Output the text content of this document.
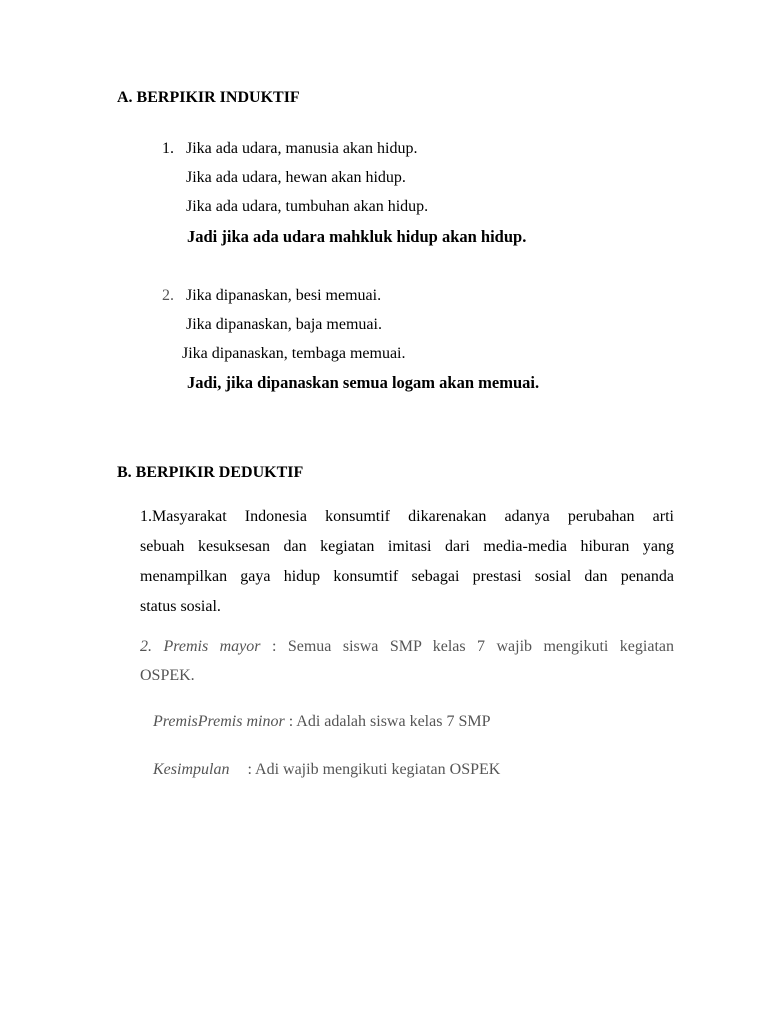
A. BERPIKIR INDUKTIF
1. Jika ada udara, manusia akan hidup.
Jika ada udara, hewan akan hidup.
Jika ada udara, tumbuhan akan hidup.
Jadi jika ada udara mahkluk hidup akan hidup.
2. Jika dipanaskan, besi memuai.
Jika dipanaskan, baja memuai.
Jika dipanaskan, tembaga memuai.
Jadi, jika dipanaskan semua logam akan memuai.
B. BERPIKIR DEDUKTIF
1.Masyarakat Indonesia konsumtif dikarenakan adanya perubahan arti
sebuah kesuksesan dan kegiatan imitasi dari media-media hiburan yang
menampilkan gaya hidup konsumtif sebagai prestasi sosial dan penanda
status sosial.
2. Premis mayor : Semua siswa SMP kelas 7 wajib mengikuti kegiatan
OSPEK.
PremisPremis minor : Adi adalah siswa kelas 7 SMP
Kesimpulan : Adi wajib mengikuti kegiatan OSPEK
